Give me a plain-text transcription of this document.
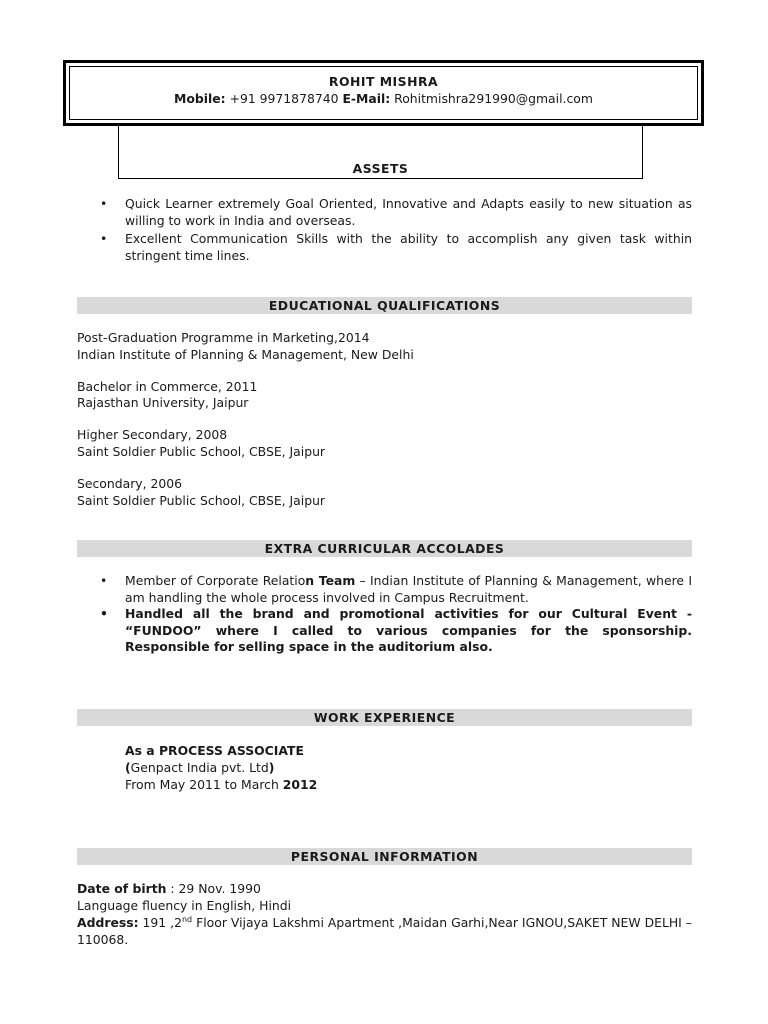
ROHIT MISHRA
Mobile: +91 9971878740 E-Mail: Rohitmishra291990@gmail.com
ASSETS
• Quick Learner extremely Goal Oriented, Innovative and Adapts easily to new situation as willing to work in India and overseas.
• Excellent Communication Skills with the ability to accomplish any given task within stringent time lines.
EDUCATIONAL QUALIFICATIONS
Post-Graduation Programme in Marketing,2014
Indian Institute of Planning & Management, New Delhi
Bachelor in Commerce, 2011
Rajasthan University, Jaipur
Higher Secondary, 2008
Saint Soldier Public School, CBSE, Jaipur
Secondary, 2006
Saint Soldier Public School, CBSE, Jaipur
EXTRA CURRICULAR ACCOLADES
• Member of Corporate Relation Team – Indian Institute of Planning & Management, where I am handling the whole process involved in Campus Recruitment.
• Handled all the brand and promotional activities for our Cultural Event - “FUNDOO” where I called to various companies for the sponsorship. Responsible for selling space in the auditorium also.
WORK EXPERIENCE
As a PROCESS ASSOCIATE
(Genpact India pvt. Ltd)
From May 2011 to March 2012
PERSONAL INFORMATION
Date of birth : 29 Nov. 1990
Language fluency in English, Hindi
Address: 191 ,2nd Floor Vijaya Lakshmi Apartment ,Maidan Garhi,Near IGNOU,SAKET NEW DELHI –110068.
